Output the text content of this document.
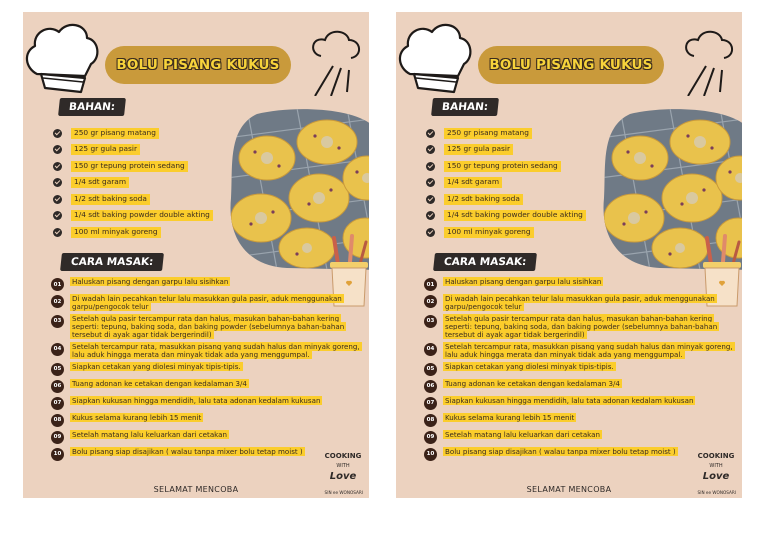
BOLU PISANG KUKUS
BAHAN:
250 gr pisang matang
125 gr gula pasir
150 gr tepung protein sedang
1/4 sdt garam
1/2 sdt baking soda
1/4 sdt baking powder double akting
100 ml minyak goreng
CARA MASAK:
01	Haluskan pisang dengan garpu lalu sisihkan
02	Di wadah lain pecahkan telur lalu masukkan gula pasir, aduk menggunakan garpu/pengocok telur
03	Setelah gula pasir tercampur rata dan halus, masukan bahan-bahan kering seperti: tepung, baking soda, dan baking powder (sebelumnya bahan-bahan tersebut di ayak agar tidak bergerindil)
04	Setelah tercampur rata, masukkan pisang yang sudah halus dan minyak goreng, lalu aduk hingga merata dan minyak tidak ada yang menggumpal.
05	Siapkan cetakan yang diolesi minyak tipis-tipis.
06	Tuang adonan ke cetakan dengan kedalaman 3/4
07	Siapkan kukusan hingga mendidih, lalu tata adonan kedalam kukusan
08	Kukus selama kurang lebih 15 menit
09	Setelah matang lalu keluarkan dari cetakan
10	Bolu pisang siap disajikan ( walau tanpa mixer bolu tetap moist )
COOKING
WITH
Love
SELAMAT MENCOBA	SIN ee WONOSARI
BOLU PISANG KUKUS
BAHAN:
250 gr pisang matang
125 gr gula pasir
150 gr tepung protein sedang
1/4 sdt garam
1/2 sdt baking soda
1/4 sdt baking powder double akting
100 ml minyak goreng
CARA MASAK:
01	Haluskan pisang dengan garpu lalu sisihkan
02	Di wadah lain pecahkan telur lalu masukkan gula pasir, aduk menggunakan garpu/pengocok telur
03	Setelah gula pasir tercampur rata dan halus, masukan bahan-bahan kering seperti: tepung, baking soda, dan baking powder (sebelumnya bahan-bahan tersebut di ayak agar tidak bergerindil)
04	Setelah tercampur rata, masukkan pisang yang sudah halus dan minyak goreng, lalu aduk hingga merata dan minyak tidak ada yang menggumpal.
05	Siapkan cetakan yang diolesi minyak tipis-tipis.
06	Tuang adonan ke cetakan dengan kedalaman 3/4
07	Siapkan kukusan hingga mendidih, lalu tata adonan kedalam kukusan
08	Kukus selama kurang lebih 15 menit
09	Setelah matang lalu keluarkan dari cetakan
10	Bolu pisang siap disajikan ( walau tanpa mixer bolu tetap moist )
COOKING
WITH
Love
SELAMAT MENCOBA	SIN ee WONOSARI
